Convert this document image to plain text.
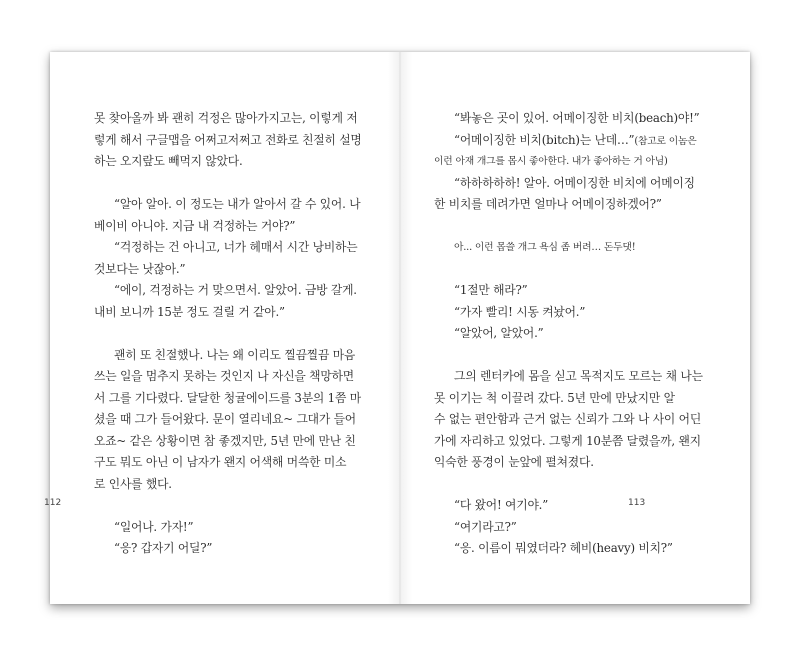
못 찾아올까 봐 괜히 걱정은 많아가지고는, 이렇게 저
렇게 해서 구글맵을 어쩌고저쩌고 전화로 친절히 설명
하는 오지랖도 빼먹지 않았다.
“알아 알아. 이 정도는 내가 알아서 갈 수 있어. 나
베이비 아니야. 지금 내 걱정하는 거야?”
“걱정하는 건 아니고, 너가 헤매서 시간 낭비하는
것보다는 낫잖아.”
“에이, 걱정하는 거 맞으면서. 알았어. 금방 갈게.
내비 보니까 15분 정도 걸릴 거 같아.”
괜히 또 친절했나. 나는 왜 이리도 찔끔찔끔 마음
쓰는 일을 멈추지 못하는 것인지 나 자신을 책망하면
서 그를 기다렸다. 달달한 청귤에이드를 3분의 1쯤 마
셨을 때 그가 들어왔다. 문이 열리네요~ 그대가 들어
오죠~ 같은 상황이면 참 좋겠지만, 5년 만에 만난 친
구도 뭐도 아닌 이 남자가 왠지 어색해 머쓱한 미소
로 인사를 했다.
“일어나. 가자!”
“응? 갑자기 어딜?”
“봐놓은 곳이 있어. 어메이징한 비치(beach)야!”
“어메이징한 비치(bitch)는 난데…”(참고로 이놈은
이런 아재 개그를 몹시 좋아한다. 내가 좋아하는 거 아님)
“하하하하하! 알아. 어메이징한 비치에 어메이징
한 비치를 데려가면 얼마나 어메이징하겠어?”
아... 이런 몹쓸 개그 욕심 좀 버려… 돈두댓!
“1절만 해라?”
“가자 빨리! 시동 켜놨어.”
“알았어, 알았어.”
그의 렌터카에 몸을 싣고 목적지도 모르는 채 나는
못 이기는 척 이끌려 갔다. 5년 만에 만났지만 알
수 없는 편안함과 근거 없는 신뢰가 그와 나 사이 어딘
가에 자리하고 있었다. 그렇게 10분쯤 달렸을까, 왠지
익숙한 풍경이 눈앞에 펼쳐졌다.
“다 왔어! 여기야.”
“여기라고?”
“응. 이름이 뭐였더라? 헤비(heavy) 비치?”
112	113
